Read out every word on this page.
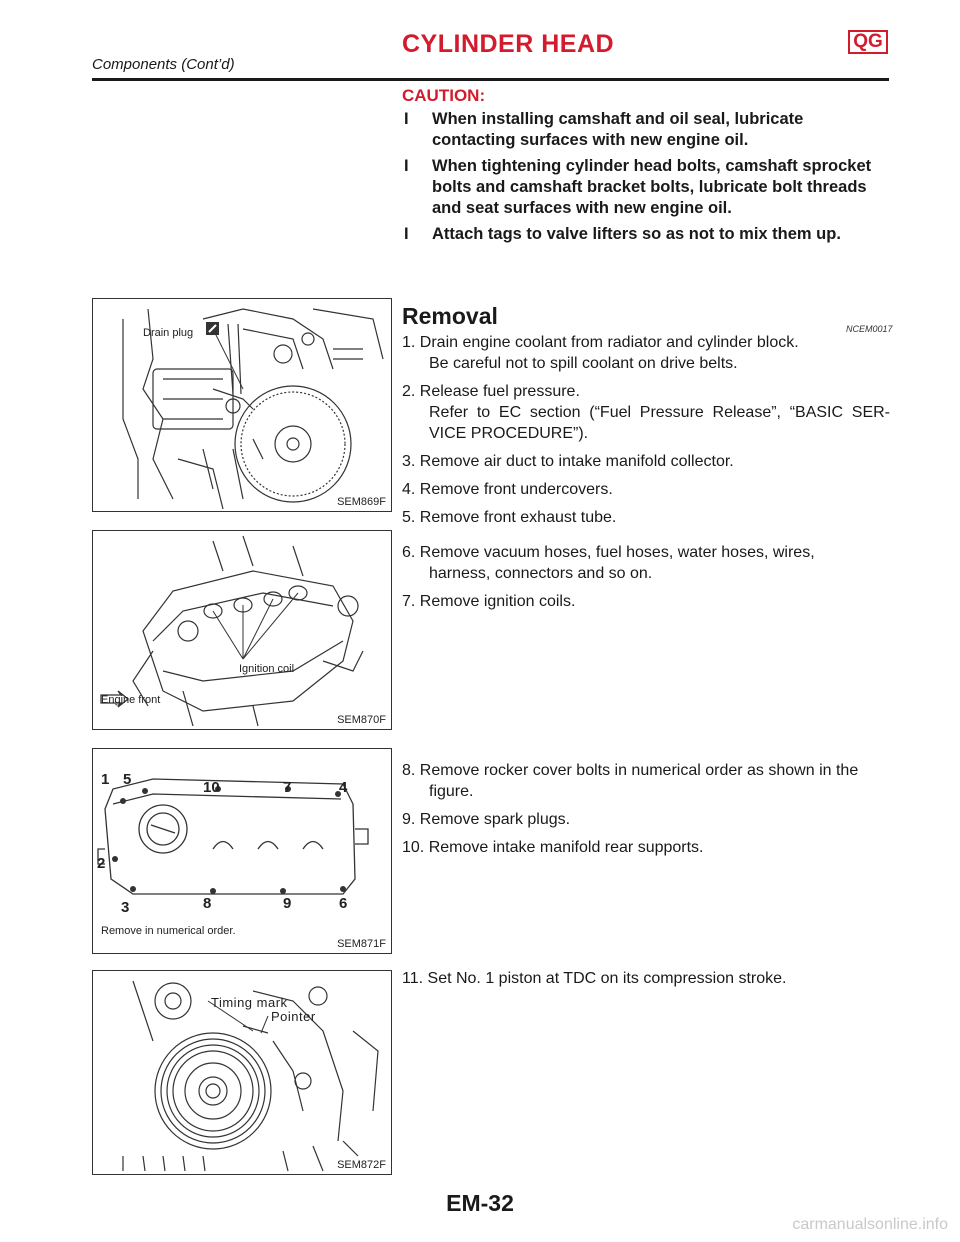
CYLINDER HEAD	QG
Components (Cont’d)
CAUTION:
I When installing camshaft and oil seal, lubricate contacting surfaces with new engine oil.
I When tightening cylinder head bolts, camshaft sprocket bolts and camshaft bracket bolts, lubricate bolt threads and seat surfaces with new engine oil.
I Attach tags to valve lifters so as not to mix them up.
Removal	NCEM0017
Drain plug
SEM869F
Ignition coil
Engine front
SEM870F
1 5	10	7	4
2
3	8	9	6
Remove in numerical order.
SEM871F
Timing mark
Pointer
SEM872F
1. Drain engine coolant from radiator and cylinder block.
Be careful not to spill coolant on drive belts.
2. Release fuel pressure.
Refer to EC section (“Fuel Pressure Release”, “BASIC SER- VICE PROCEDURE”).
3. Remove air duct to intake manifold collector.
4. Remove front undercovers.
5. Remove front exhaust tube.
6. Remove vacuum hoses, fuel hoses, water hoses, wires,
harness, connectors and so on.
7. Remove ignition coils.
8. Remove rocker cover bolts in numerical order as shown in the
figure.
9. Remove spark plugs.
10. Remove intake manifold rear supports.
11. Set No. 1 piston at TDC on its compression stroke.
EM-32
carmanualsonline.info
